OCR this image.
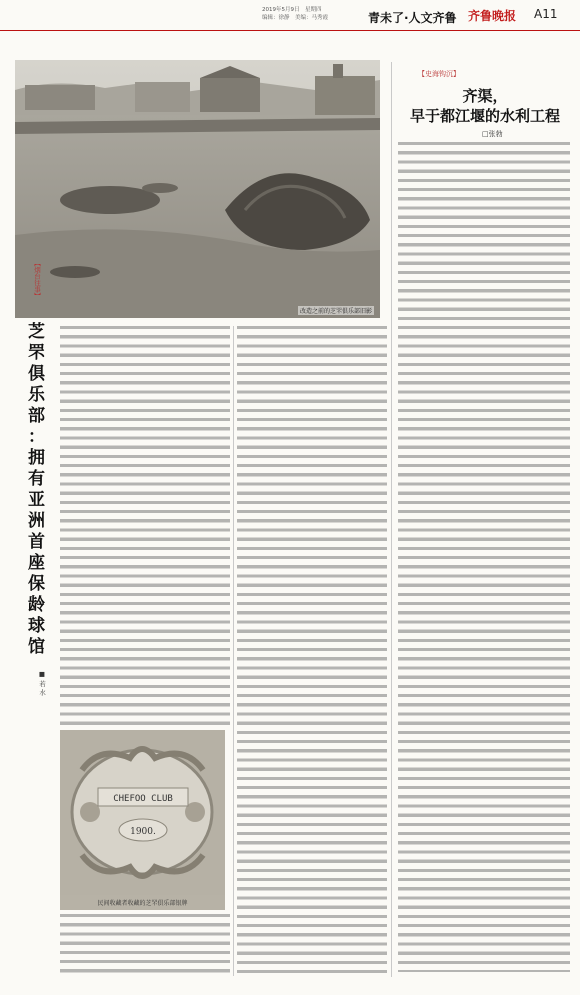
2019年5月9日　星期四
编辑：徐静　美编：马秀霞	青未了·人文齐鲁 齐鲁晚报 A11
改造之前的芝罘俱乐部旧影
【史海钩沉】
齐渠，
早于都江堰的水利工程
□张勃
【烟台往事】
芝
罘
俱
乐
部
：
拥
有
亚
洲
首
座
保
龄
球
馆
■ 若 水
CHEFOO CLUB
1900.
民间收藏者收藏的芝罘俱乐部银牌
